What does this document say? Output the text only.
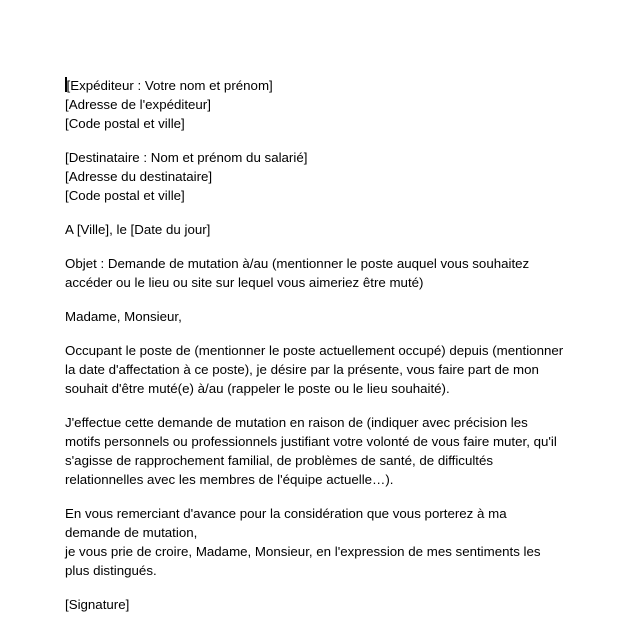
[Expéditeur : Votre nom et prénom]
[Adresse de l'expéditeur]
[Code postal et ville]
[Destinataire : Nom et prénom du salarié]
[Adresse du destinataire]
[Code postal et ville]
A [Ville], le [Date du jour]
Objet : Demande de mutation à/au (mentionner le poste auquel vous souhaitez
accéder ou le lieu ou site sur lequel vous aimeriez être muté)
Madame, Monsieur,
Occupant le poste de (mentionner le poste actuellement occupé) depuis (mentionner
la date d'affectation à ce poste), je désire par la présente, vous faire part de mon
souhait d'être muté(e) à/au (rappeler le poste ou le lieu souhaité).
J'effectue cette demande de mutation en raison de (indiquer avec précision les
motifs personnels ou professionnels justifiant votre volonté de vous faire muter, qu'il
s'agisse de rapprochement familial, de problèmes de santé, de difficultés
relationnelles avec les membres de l'équipe actuelle…).
En vous remerciant d'avance pour la considération que vous porterez à ma
demande de mutation,
je vous prie de croire, Madame, Monsieur, en l'expression de mes sentiments les
plus distingués.
[Signature]
